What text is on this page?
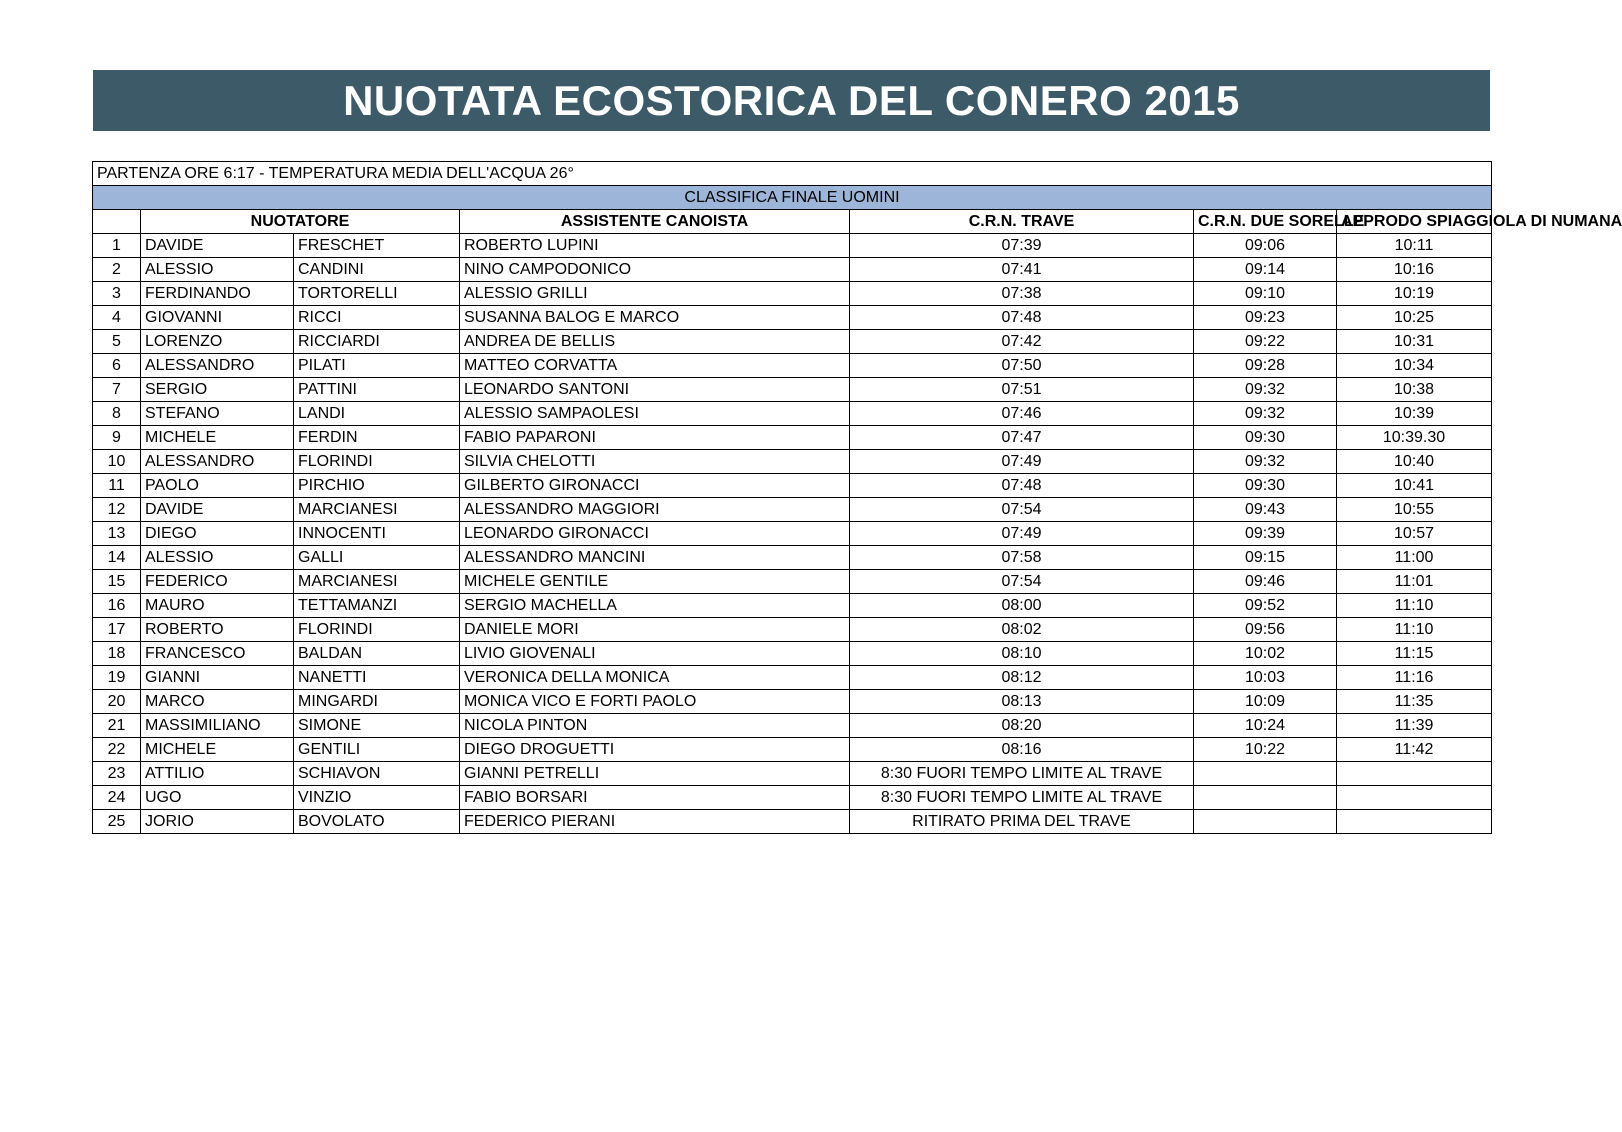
NUOTATA ECOSTORICA DEL CONERO 2015
PARTENZA ORE 6:17 - TEMPERATURA MEDIA DELL'ACQUA 26°						
CLASSIFICA FINALE UOMINI						
	NUOTATORE		ASSISTENTE CANOISTA	C.R.N. TRAVE	C.R.N. DUE SORELLE	APPRODO SPIAGGIOLA DI NUMANA
1	DAVIDE	FRESCHET	ROBERTO LUPINI	07:39	09:06	10:11
2	ALESSIO	CANDINI	NINO CAMPODONICO	07:41	09:14	10:16
3	FERDINANDO	TORTORELLI	ALESSIO GRILLI	07:38	09:10	10:19
4	GIOVANNI	RICCI	SUSANNA BALOG E MARCO	07:48	09:23	10:25
5	LORENZO	RICCIARDI	ANDREA DE BELLIS	07:42	09:22	10:31
6	ALESSANDRO	PILATI	MATTEO CORVATTA	07:50	09:28	10:34
7	SERGIO	PATTINI	LEONARDO SANTONI	07:51	09:32	10:38
8	STEFANO	LANDI	ALESSIO SAMPAOLESI	07:46	09:32	10:39
9	MICHELE	FERDIN	FABIO PAPARONI	07:47	09:30	10:39.30
10	ALESSANDRO	FLORINDI	SILVIA CHELOTTI	07:49	09:32	10:40
11	PAOLO	PIRCHIO	GILBERTO GIRONACCI	07:48	09:30	10:41
12	DAVIDE	MARCIANESI	ALESSANDRO MAGGIORI	07:54	09:43	10:55
13	DIEGO	INNOCENTI	LEONARDO GIRONACCI	07:49	09:39	10:57
14	ALESSIO	GALLI	ALESSANDRO MANCINI	07:58	09:15	11:00
15	FEDERICO	MARCIANESI	MICHELE GENTILE	07:54	09:46	11:01
16	MAURO	TETTAMANZI	SERGIO MACHELLA	08:00	09:52	11:10
17	ROBERTO	FLORINDI	DANIELE MORI	08:02	09:56	11:10
18	FRANCESCO	BALDAN	LIVIO GIOVENALI	08:10	10:02	11:15
19	GIANNI	NANETTI	VERONICA DELLA MONICA	08:12	10:03	11:16
20	MARCO	MINGARDI	MONICA VICO E FORTI PAOLO	08:13	10:09	11:35
21	MASSIMILIANO	SIMONE	NICOLA PINTON	08:20	10:24	11:39
22	MICHELE	GENTILI	DIEGO DROGUETTI	08:16	10:22	11:42
23	ATTILIO	SCHIAVON	GIANNI PETRELLI	8:30 FUORI TEMPO LIMITE AL TRAVE		
24	UGO	VINZIO	FABIO BORSARI	8:30 FUORI TEMPO LIMITE AL TRAVE		
25	JORIO	BOVOLATO	FEDERICO PIERANI	RITIRATO PRIMA DEL TRAVE		
